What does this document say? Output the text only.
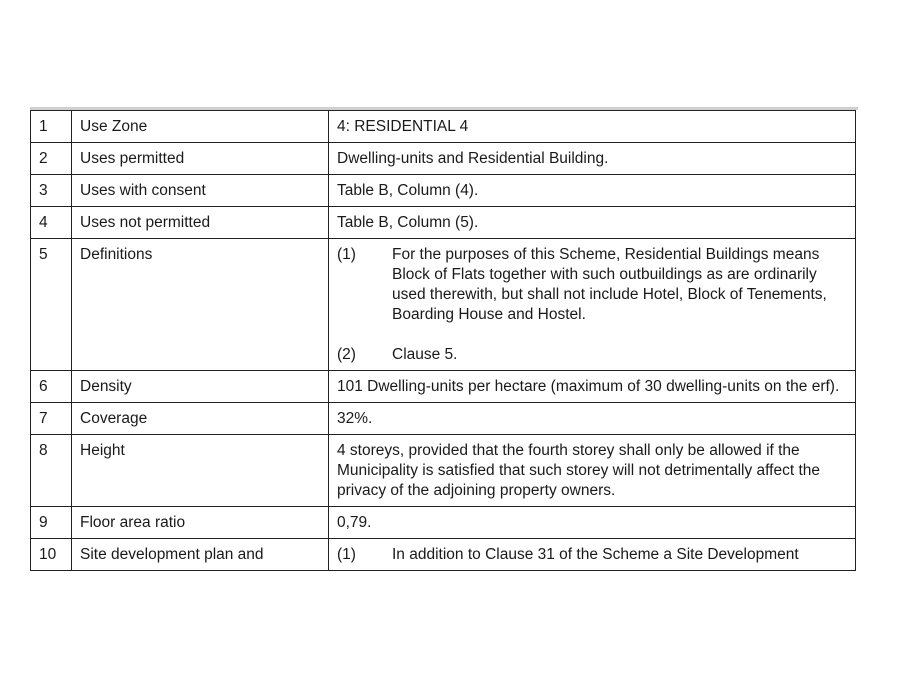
1	Use Zone	4: RESIDENTIAL 4
2	Uses permitted	Dwelling-units and Residential Building.
3	Uses with consent	Table B, Column (4).
4	Uses not permitted	Table B, Column (5).
5	Definitions	(1) For the purposes of this Scheme, Residential Buildings means Block of Flats together with such outbuildings as are ordinarily used therewith, but shall not include Hotel, Block of Tenements, Boarding House and Hostel.
(2) Clause 5.

6	Density	101 Dwelling-units per hectare (maximum of 30 dwelling-units on the erf).
7	Coverage	32%.
8	Height	4 storeys, provided that the fourth storey shall only be allowed if the Municipality is satisfied that such storey will not detrimentally affect the privacy of the adjoining property owners.
9	Floor area ratio	0,79.
10	Site development plan and	(1) In addition to Clause 31 of the Scheme a Site Development
